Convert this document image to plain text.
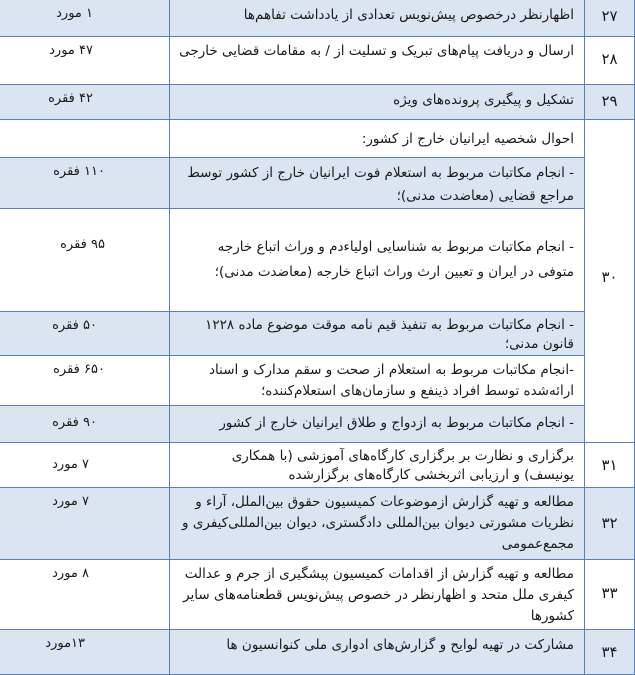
۲۷
اظهارنظر درخصوص پیش‌نویس تعدادی از یادداشت تفاهم‌ها
۱ مورد
۲۸
ارسال و دریافت پیام‌های تبریک و تسلیت از / به مقامات قضایی خارجی
۴۷ مورد
۲۹
تشکیل و پیگیری پرونده‌های ویژه
۴۲ فقره
۳۰
احوال شخصیه ایرانیان خارج از کشور:
- انجام مکاتبات مربوط به استعلام فوت ایرانیان خارج از کشور توسط مراجع قضایی (معاضدت مدنی)؛
۱۱۰ فقره
- انجام مکاتبات مربوط به شناسایی اولیاءدم و وراث اتباع خارجه متوفی در ایران و تعیین ارث وراث اتباع خارجه (معاضدت مدنی)؛
۹۵ فقره
- انجام مکاتبات مربوط به تنفیذ قیم نامه موقت موضوع ماده ۱۲۲۸ قانون مدنی؛
۵۰ فقره
-انجام مکاتبات مربوط به استعلام از صحت و سقم مدارک و اسناد ارائه‌شده توسط افراد ذینفع و سازمان‌های استعلام‌کننده؛
۶۵۰ فقره
- انجام مکاتبات مربوط به ازدواج و طلاق ایرانیان خارج از کشور
۹۰ فقره
۳۱
برگزاری و نظارت بر برگزاری کارگاه‌های آموزشی (با همکاری یونیسف) و ارزیابی اثربخشی کارگاه‌های برگزارشده
۷ مورد
۳۲
مطالعه و تهیه گزارش ازموضوعات کمیسیون حقوق بین‌الملل، آراء و نظریات مشورتی دیوان بین‌المللی دادگستری، دیوان بین‌المللی‌کیفری و مجمع‌عمومی
۷ مورد
۳۳
مطالعه و تهیه گزارش از اقدامات کمیسیون پیشگیری از جرم و عدالت کیفری ملل متحد و اظهارنظر در خصوص پیش‌نویس قطعنامه‌های سایر کشورها
۸ مورد
۳۴
مشارکت در تهیه لوایح و گزارش‌های ادواری ملی کنوانسیون ها
۱۳مورد
